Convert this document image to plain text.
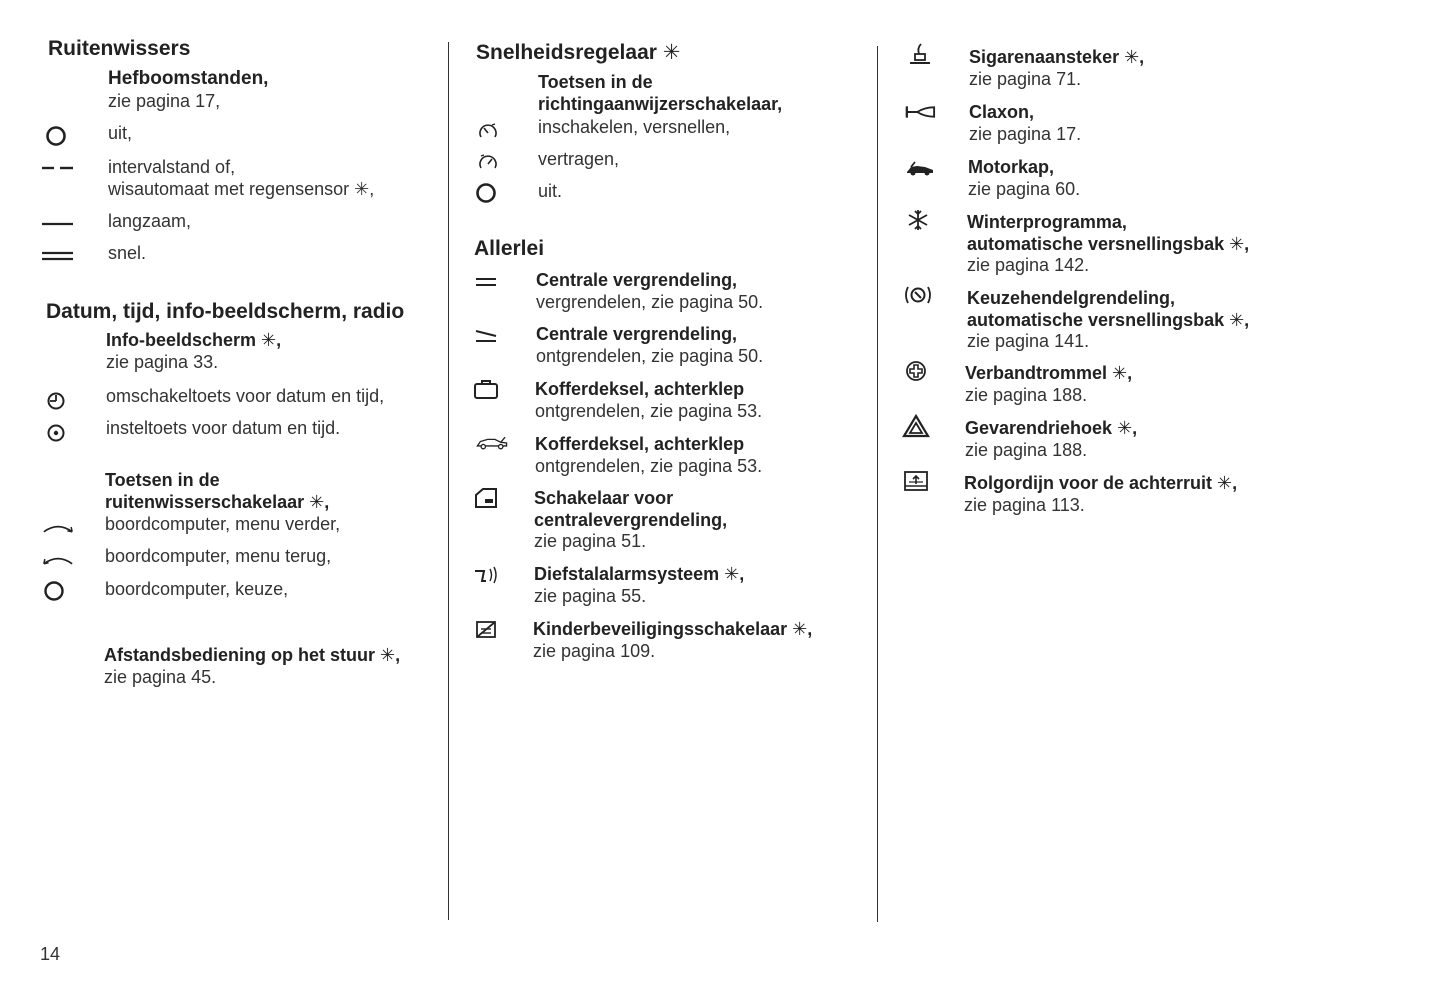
Ruitenwissers
Hefboomstanden,
zie pagina 17,
uit,
intervalstand of,
wisautomaat met regensensor ✳,
langzaam,
snel.
Datum, tijd, info-beeldscherm, radio
Info-beeldscherm ✳,
zie pagina 33.
omschakeltoets voor datum en tijd,
insteltoets voor datum en tijd.
Toetsen in de
ruitenwisserschakelaar ✳,
boordcomputer, menu verder,
boordcomputer, menu terug,
boordcomputer, keuze,
Afstandsbediening op het stuur ✳,
zie pagina 45.
Snelheidsregelaar ✳
Toetsen in de
richtingaanwijzerschakelaar,
inschakelen, versnellen,
vertragen,
uit.
Allerlei
Centrale vergrendeling,
vergrendelen, zie pagina 50.
Centrale vergrendeling,
ontgrendelen, zie pagina 50.
Kofferdeksel, achterklep
ontgrendelen, zie pagina 53.
Kofferdeksel, achterklep
ontgrendelen, zie pagina 53.
Schakelaar voor
centralevergrendeling,
zie pagina 51.
Diefstalalarmsysteem ✳,
zie pagina 55.
Kinderbeveiligingsschakelaar ✳,
zie pagina 109.
Sigarenaansteker ✳,
zie pagina 71.
Claxon,
zie pagina 17.
Motorkap,
zie pagina 60.
Winterprogramma,
automatische versnellingsbak ✳,
zie pagina 142.
Keuzehendelgrendeling,
automatische versnellingsbak ✳,
zie pagina 141.
Verbandtrommel ✳,
zie pagina 188.
Gevarendriehoek ✳,
zie pagina 188.
Rolgordijn voor de achterruit ✳,
zie pagina 113.
14
